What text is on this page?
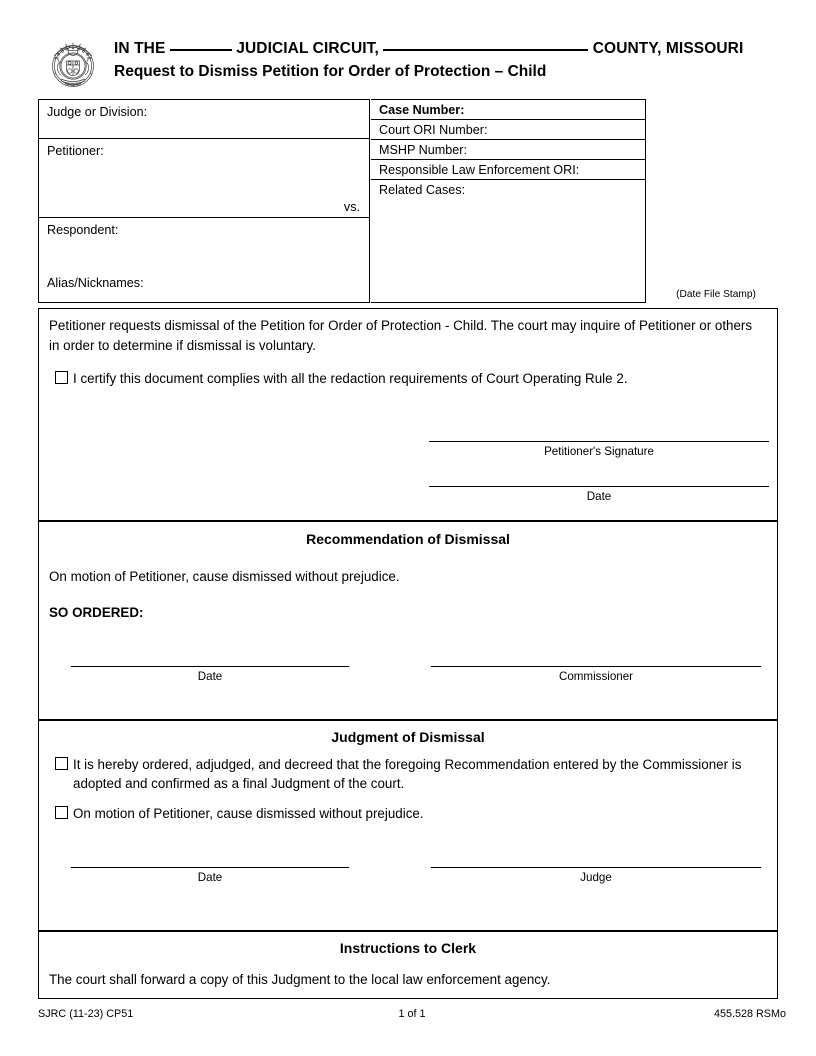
IN THE	JUDICIAL CIRCUIT,	COUNTY, MISSOURI
Request to Dismiss Petition for Order of Protection – Child
Judge or Division:
Petitioner:
vs.
Respondent:
Alias/Nicknames:
Case Number:
Court ORI Number:
MSHP Number:
Responsible Law Enforcement ORI:
Related Cases:
(Date File Stamp)
Petitioner requests dismissal of the Petition for Order of Protection - Child. The court may inquire of Petitioner or others in order to determine if dismissal is voluntary.
I certify this document complies with all the redaction requirements of Court Operating Rule 2.
Petitioner's Signature
Date
Recommendation of Dismissal
On motion of Petitioner, cause dismissed without prejudice.
SO ORDERED:
Date	Commissioner
Judgment of Dismissal
It is hereby ordered, adjudged, and decreed that the foregoing Recommendation entered by the Commissioner is adopted and confirmed as a final Judgment of the court.
On motion of Petitioner, cause dismissed without prejudice.
Date	Judge
Instructions to Clerk
The court shall forward a copy of this Judgment to the local law enforcement agency.
SJRC (11-23) CP51	1 of 1	455.528 RSMo
